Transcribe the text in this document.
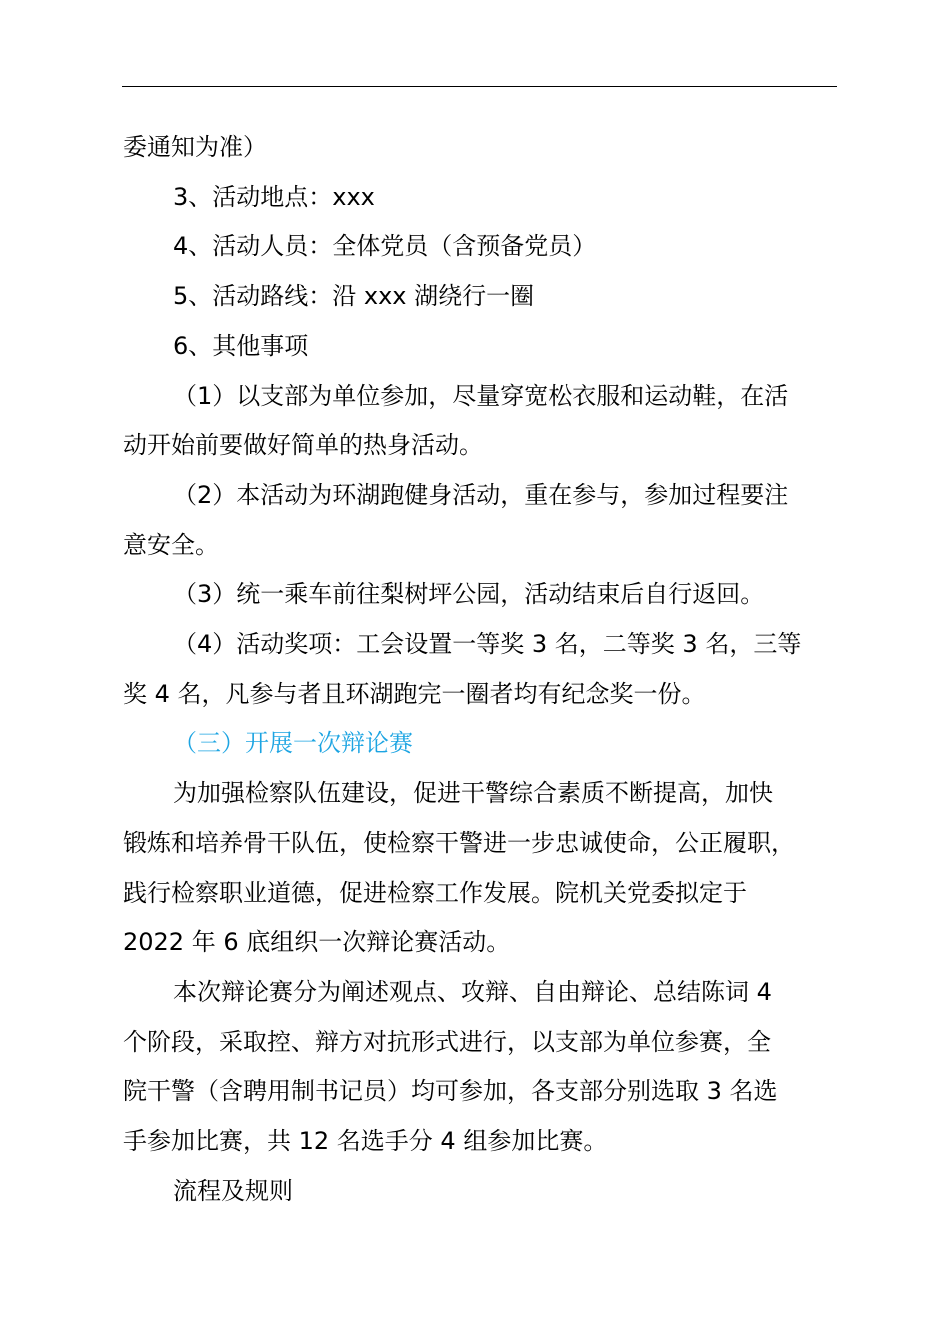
委通知为准）

3、活动地点：xxx

4、活动人员：全体党员（含预备党员）

5、活动路线：沿 xxx 湖绕行一圈

6、其他事项

（1）以支部为单位参加，尽量穿宽松衣服和运动鞋，在活

动开始前要做好简单的热身活动。

（2）本活动为环湖跑健身活动，重在参与，参加过程要注

意安全。

（3）统一乘车前往梨树坪公园，活动结束后自行返回。

（4）活动奖项：工会设置一等奖 3 名，二等奖 3 名，三等

奖 4 名，凡参与者且环湖跑完一圈者均有纪念奖一份。

（三）开展一次辩论赛

为加强检察队伍建设，促进干警综合素质不断提高，加快

锻炼和培养骨干队伍，使检察干警进一步忠诚使命，公正履职，

践行检察职业道德，促进检察工作发展。院机关党委拟定于

2022 年 6 底组织一次辩论赛活动。

本次辩论赛分为阐述观点、攻辩、自由辩论、总结陈词 4

个阶段，采取控、辩方对抗形式进行，以支部为单位参赛，全

院干警（含聘用制书记员）均可参加，各支部分别选取 3 名选

手参加比赛，共 12 名选手分 4 组参加比赛。

流程及规则
